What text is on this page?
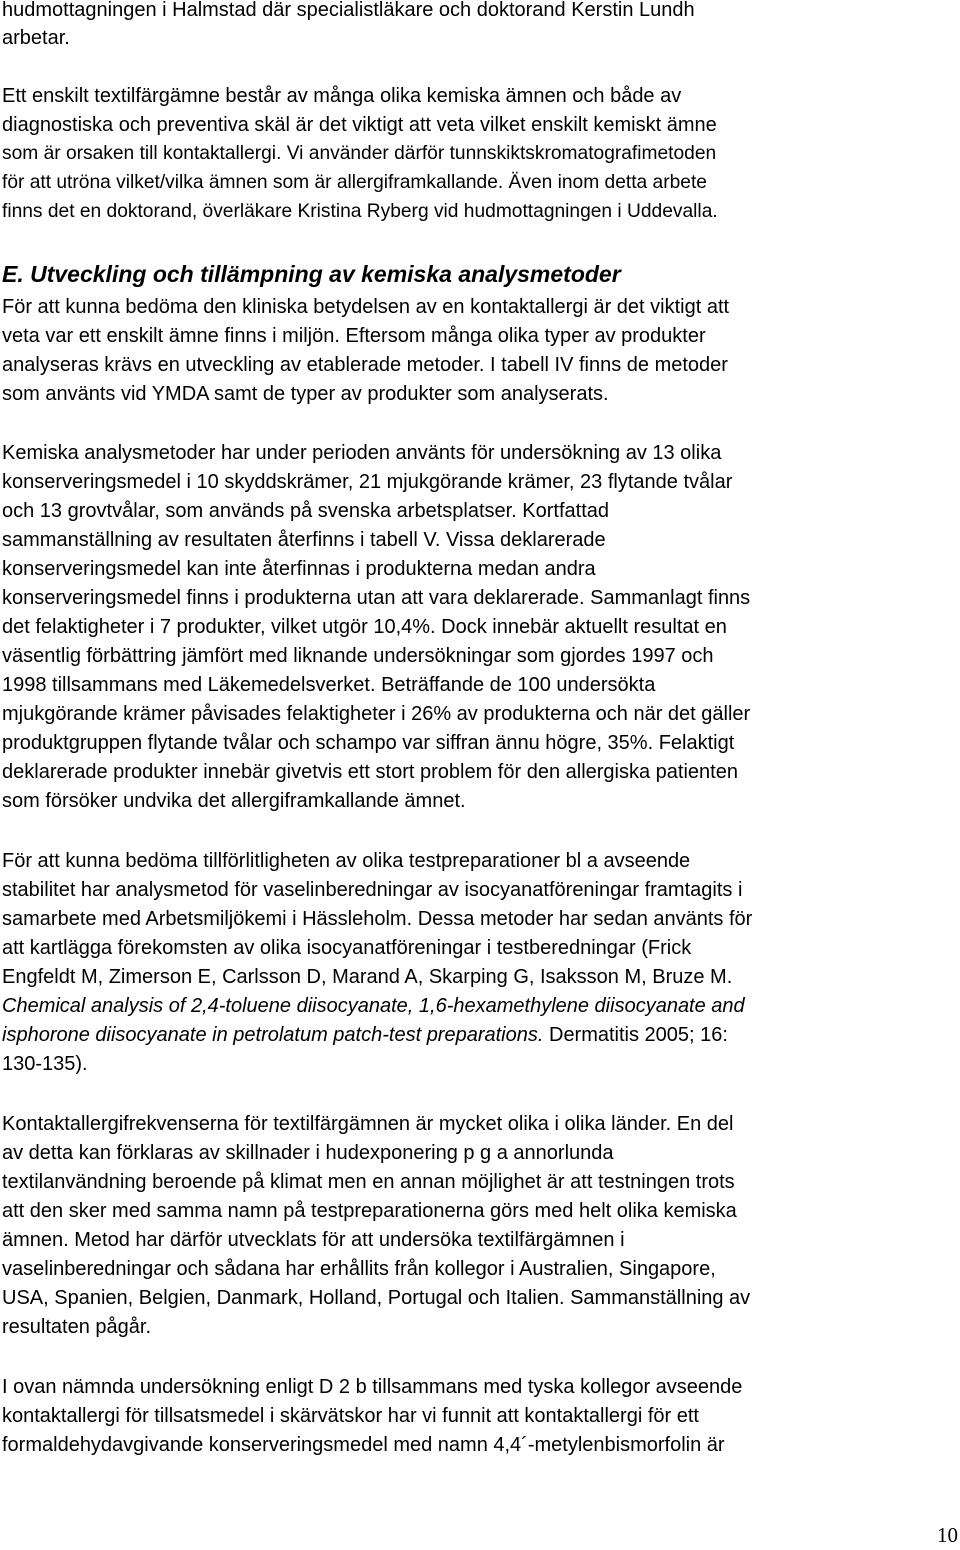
hudmottagningen i Halmstad där specialistläkare och doktorand Kerstin Lundh
arbetar.
Ett enskilt textilfärgämne består av många olika kemiska ämnen och både av
diagnostiska och preventiva skäl är det viktigt att veta vilket enskilt kemiskt ämne
som är orsaken till kontaktallergi. Vi använder därför tunnskiktskromatografimetoden
för att utröna vilket/vilka ämnen som är allergiframkallande. Även inom detta arbete
finns det en doktorand, överläkare Kristina Ryberg vid hudmottagningen i Uddevalla.
E. Utveckling och tillämpning av kemiska analysmetoder
För att kunna bedöma den kliniska betydelsen av en kontaktallergi är det viktigt att
veta var ett enskilt ämne finns i miljön. Eftersom många olika typer av produkter
analyseras krävs en utveckling av etablerade metoder. I tabell IV finns de metoder
som använts vid YMDA samt de typer av produkter som analyserats.
Kemiska analysmetoder har under perioden använts för undersökning av 13 olika
konserveringsmedel i 10 skyddskrämer, 21 mjukgörande krämer, 23 flytande tvålar
och 13 grovtvålar, som används på svenska arbetsplatser. Kortfattad
sammanställning av resultaten återfinns i tabell V. Vissa deklarerade
konserveringsmedel kan inte återfinnas i produkterna medan andra
konserveringsmedel finns i produkterna utan att vara deklarerade. Sammanlagt finns
det felaktigheter i 7 produkter, vilket utgör 10,4%. Dock innebär aktuellt resultat en
väsentlig förbättring jämfört med liknande undersökningar som gjordes 1997 och
1998 tillsammans med Läkemedelsverket. Beträffande de 100 undersökta
mjukgörande krämer påvisades felaktigheter i 26% av produkterna och när det gäller
produktgruppen flytande tvålar och schampo var siffran ännu högre, 35%. Felaktigt
deklarerade produkter innebär givetvis ett stort problem för den allergiska patienten
som försöker undvika det allergiframkallande ämnet.
För att kunna bedöma tillförlitligheten av olika testpreparationer bl a avseende
stabilitet har analysmetod för vaselinberedningar av isocyanatföreningar framtagits i
samarbete med Arbetsmiljökemi i Hässleholm. Dessa metoder har sedan använts för
att kartlägga förekomsten av olika isocyanatföreningar i testberedningar (Frick
Engfeldt M, Zimerson E, Carlsson D, Marand A, Skarping G, Isaksson M, Bruze M.
Chemical analysis of 2,4-toluene diisocyanate, 1,6-hexamethylene diisocyanate and
isphorone diisocyanate in petrolatum patch-test preparations. Dermatitis 2005; 16:
130-135).
Kontaktallergifrekvenserna för textilfärgämnen är mycket olika i olika länder. En del
av detta kan förklaras av skillnader i hudexponering p g a annorlunda
textilanvändning beroende på klimat men en annan möjlighet är att testningen trots
att den sker med samma namn på testpreparationerna görs med helt olika kemiska
ämnen. Metod har därför utvecklats för att undersöka textilfärgämnen i
vaselinberedningar och sådana har erhållits från kollegor i Australien, Singapore,
USA, Spanien, Belgien, Danmark, Holland, Portugal och Italien. Sammanställning av
resultaten pågår.
I ovan nämnda undersökning enligt D 2 b tillsammans med tyska kollegor avseende
kontaktallergi för tillsatsmedel i skärvätskor har vi funnit att kontaktallergi för ett
formaldehydavgivande konserveringsmedel med namn 4,4´-metylenbismorfolin är
10
